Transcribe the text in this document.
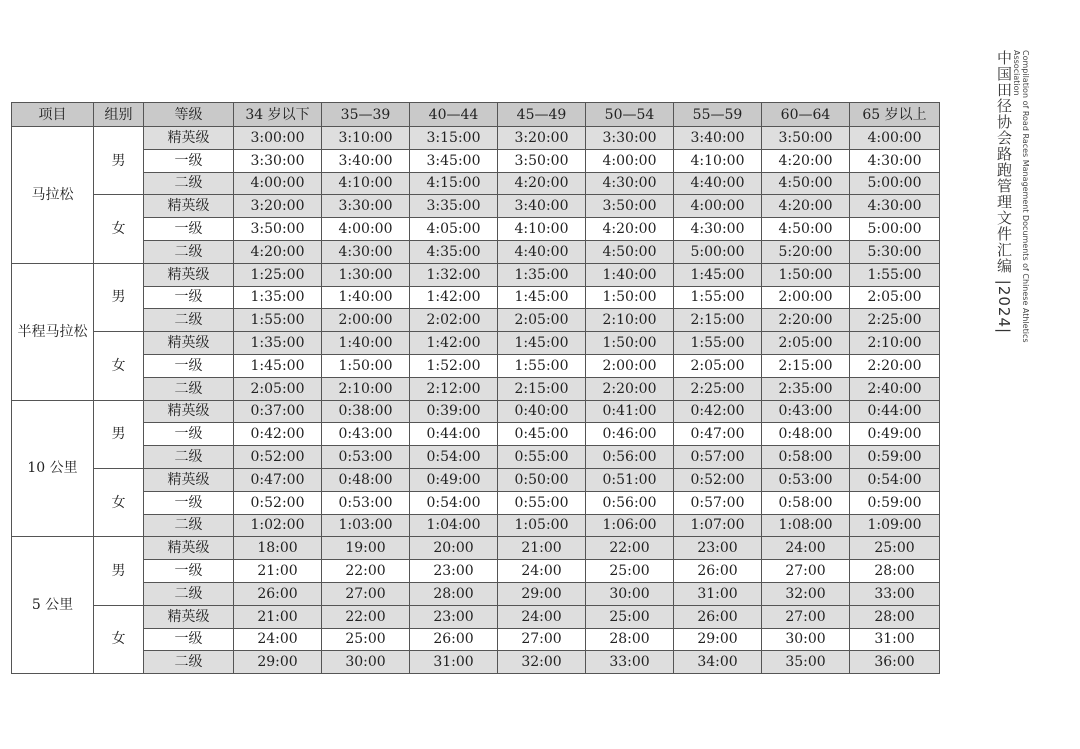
项目	组别	等级	34 岁以下	35—39	40—44	45—49	50—54	55—59	60—64	65 岁以上
马拉松	男	精英级	3:00:00	3:10:00	3:15:00	3:20:00	3:30:00	3:40:00	3:50:00	4:00:00
		一级	3:30:00	3:40:00	3:45:00	3:50:00	4:00:00	4:10:00	4:20:00	4:30:00
		二级	4:00:00	4:10:00	4:15:00	4:20:00	4:30:00	4:40:00	4:50:00	5:00:00
	女	精英级	3:20:00	3:30:00	3:35:00	3:40:00	3:50:00	4:00:00	4:20:00	4:30:00
		一级	3:50:00	4:00:00	4:05:00	4:10:00	4:20:00	4:30:00	4:50:00	5:00:00
		二级	4:20:00	4:30:00	4:35:00	4:40:00	4:50:00	5:00:00	5:20:00	5:30:00
半程马拉松	男	精英级	1:25:00	1:30:00	1:32:00	1:35:00	1:40:00	1:45:00	1:50:00	1:55:00
		一级	1:35:00	1:40:00	1:42:00	1:45:00	1:50:00	1:55:00	2:00:00	2:05:00
		二级	1:55:00	2:00:00	2:02:00	2:05:00	2:10:00	2:15:00	2:20:00	2:25:00
	女	精英级	1:35:00	1:40:00	1:42:00	1:45:00	1:50:00	1:55:00	2:05:00	2:10:00
		一级	1:45:00	1:50:00	1:52:00	1:55:00	2:00:00	2:05:00	2:15:00	2:20:00
		二级	2:05:00	2:10:00	2:12:00	2:15:00	2:20:00	2:25:00	2:35:00	2:40:00
10 公里	男	精英级	0:37:00	0:38:00	0:39:00	0:40:00	0:41:00	0:42:00	0:43:00	0:44:00
		一级	0:42:00	0:43:00	0:44:00	0:45:00	0:46:00	0:47:00	0:48:00	0:49:00
		二级	0:52:00	0:53:00	0:54:00	0:55:00	0:56:00	0:57:00	0:58:00	0:59:00
	女	精英级	0:47:00	0:48:00	0:49:00	0:50:00	0:51:00	0:52:00	0:53:00	0:54:00
		一级	0:52:00	0:53:00	0:54:00	0:55:00	0:56:00	0:57:00	0:58:00	0:59:00
		二级	1:02:00	1:03:00	1:04:00	1:05:00	1:06:00	1:07:00	1:08:00	1:09:00
5 公里	男	精英级	18:00	19:00	20:00	21:00	22:00	23:00	24:00	25:00
		一级	21:00	22:00	23:00	24:00	25:00	26:00	27:00	28:00
		二级	26:00	27:00	28:00	29:00	30:00	31:00	32:00	33:00
	女	精英级	21:00	22:00	23:00	24:00	25:00	26:00	27:00	28:00
		一级	24:00	25:00	26:00	27:00	28:00	29:00	30:00	31:00
		二级	29:00	30:00	31:00	32:00	33:00	34:00	35:00	36:00
中国田径协会路跑管理文件汇编 |2024|	Compilation of Road Races Management Documents of Chinese Athletics Association
